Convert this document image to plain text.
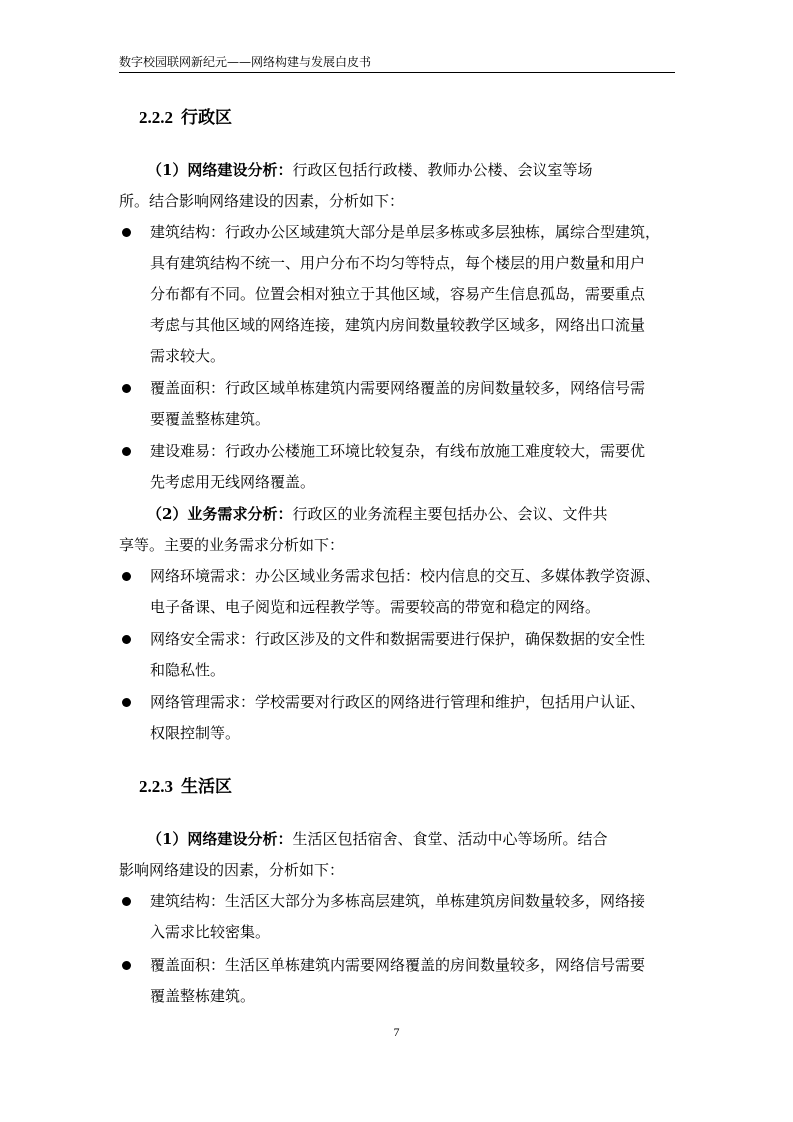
数字校园联网新纪元——网络构建与发展白皮书
2.2.2 行政区
（1）网络建设分析：行政区包括行政楼、教师办公楼、会议室等场
所。结合影响网络建设的因素，分析如下：
建筑结构：行政办公区域建筑大部分是单层多栋或多层独栋，属综合型建筑，
具有建筑结构不统一、用户分布不均匀等特点，每个楼层的用户数量和用户
分布都有不同。位置会相对独立于其他区域，容易产生信息孤岛，需要重点
考虑与其他区域的网络连接，建筑内房间数量较教学区域多，网络出口流量
需求较大。
覆盖面积：行政区域单栋建筑内需要网络覆盖的房间数量较多，网络信号需
要覆盖整栋建筑。
建设难易：行政办公楼施工环境比较复杂，有线布放施工难度较大，需要优
先考虑用无线网络覆盖。
（2）业务需求分析：行政区的业务流程主要包括办公、会议、文件共
享等。主要的业务需求分析如下：
网络环境需求：办公区域业务需求包括：校内信息的交互、多媒体教学资源、
电子备课、电子阅览和远程教学等。需要较高的带宽和稳定的网络。
网络安全需求：行政区涉及的文件和数据需要进行保护，确保数据的安全性
和隐私性。
网络管理需求：学校需要对行政区的网络进行管理和维护，包括用户认证、
权限控制等。
2.2.3 生活区
（1）网络建设分析：生活区包括宿舍、食堂、活动中心等场所。结合
影响网络建设的因素，分析如下：
建筑结构：生活区大部分为多栋高层建筑，单栋建筑房间数量较多，网络接
入需求比较密集。
覆盖面积：生活区单栋建筑内需要网络覆盖的房间数量较多，网络信号需要
覆盖整栋建筑。
7
